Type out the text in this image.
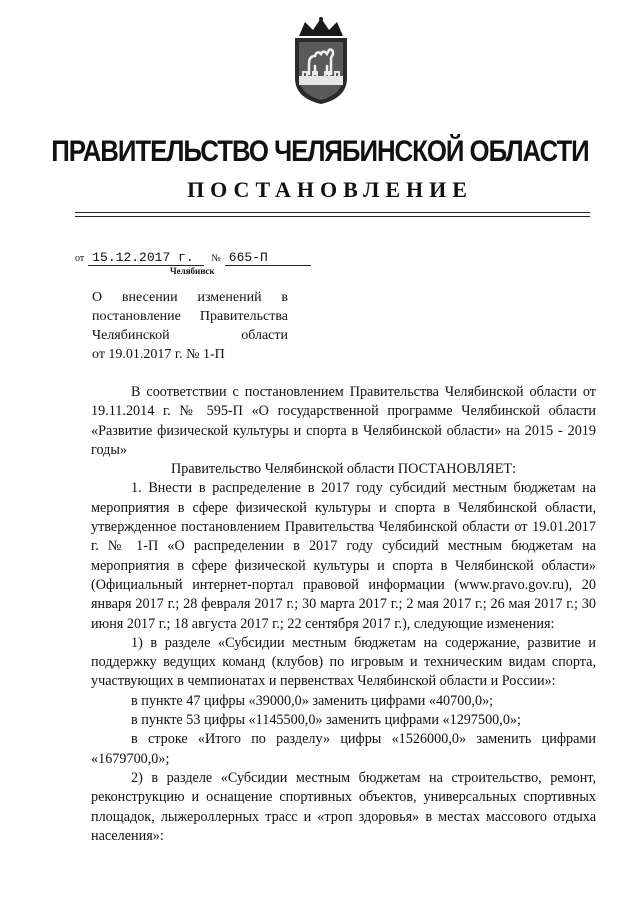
ПРАВИТЕЛЬСТВО ЧЕЛЯБИНСКОЙ ОБЛАСТИ
ПОСТАНОВЛЕНИЕ
от 15.12.2017 г. № 665-П
Челябинск
О внесении изменений в
постановление Правительства
Челябинской области
от 19.01.2017 г. № 1-П

В соответствии с постановлением Правительства Челябинской области от 19.11.2014 г. № 595-П «О государственной программе Челябинской области «Развитие физической культуры и спорта в Челябинской области» на 2015 - 2019 годы»

Правительство Челябинской области ПОСТАНОВЛЯЕТ:

1. Внести в распределение в 2017 году субсидий местным бюджетам на мероприятия в сфере физической культуры и спорта в Челябинской области, утвержденное постановлением Правительства Челябинской области от 19.01.2017 г. № 1-П «О распределении в 2017 году субсидий местным бюджетам на мероприятия в сфере физической культуры и спорта в Челябинской области» (Официальный интернет-портал правовой информации (www.pravo.gov.ru), 20 января 2017 г.; 28 февраля 2017 г.; 30 марта 2017 г.; 2 мая 2017 г.; 26 мая 2017 г.; 30 июня 2017 г.; 18 августа 2017 г.; 22 сентября 2017 г.), следующие изменения:

1) в разделе «Субсидии местным бюджетам на содержание, развитие и поддержку ведущих команд (клубов) по игровым и техническим видам спорта, участвующих в чемпионатах и первенствах Челябинской области и России»:

в пункте 47 цифры «39000,0» заменить цифрами «40700,0»;

в пункте 53 цифры «1145500,0» заменить цифрами «1297500,0»;

в строке «Итого по разделу» цифры «1526000,0» заменить цифрами «1679700,0»;

2) в разделе «Субсидии местным бюджетам на строительство, ремонт, реконструкцию и оснащение спортивных объектов, универсальных спортивных площадок, лыжероллерных трасс и «троп здоровья» в местах массового отдыха населения»:
